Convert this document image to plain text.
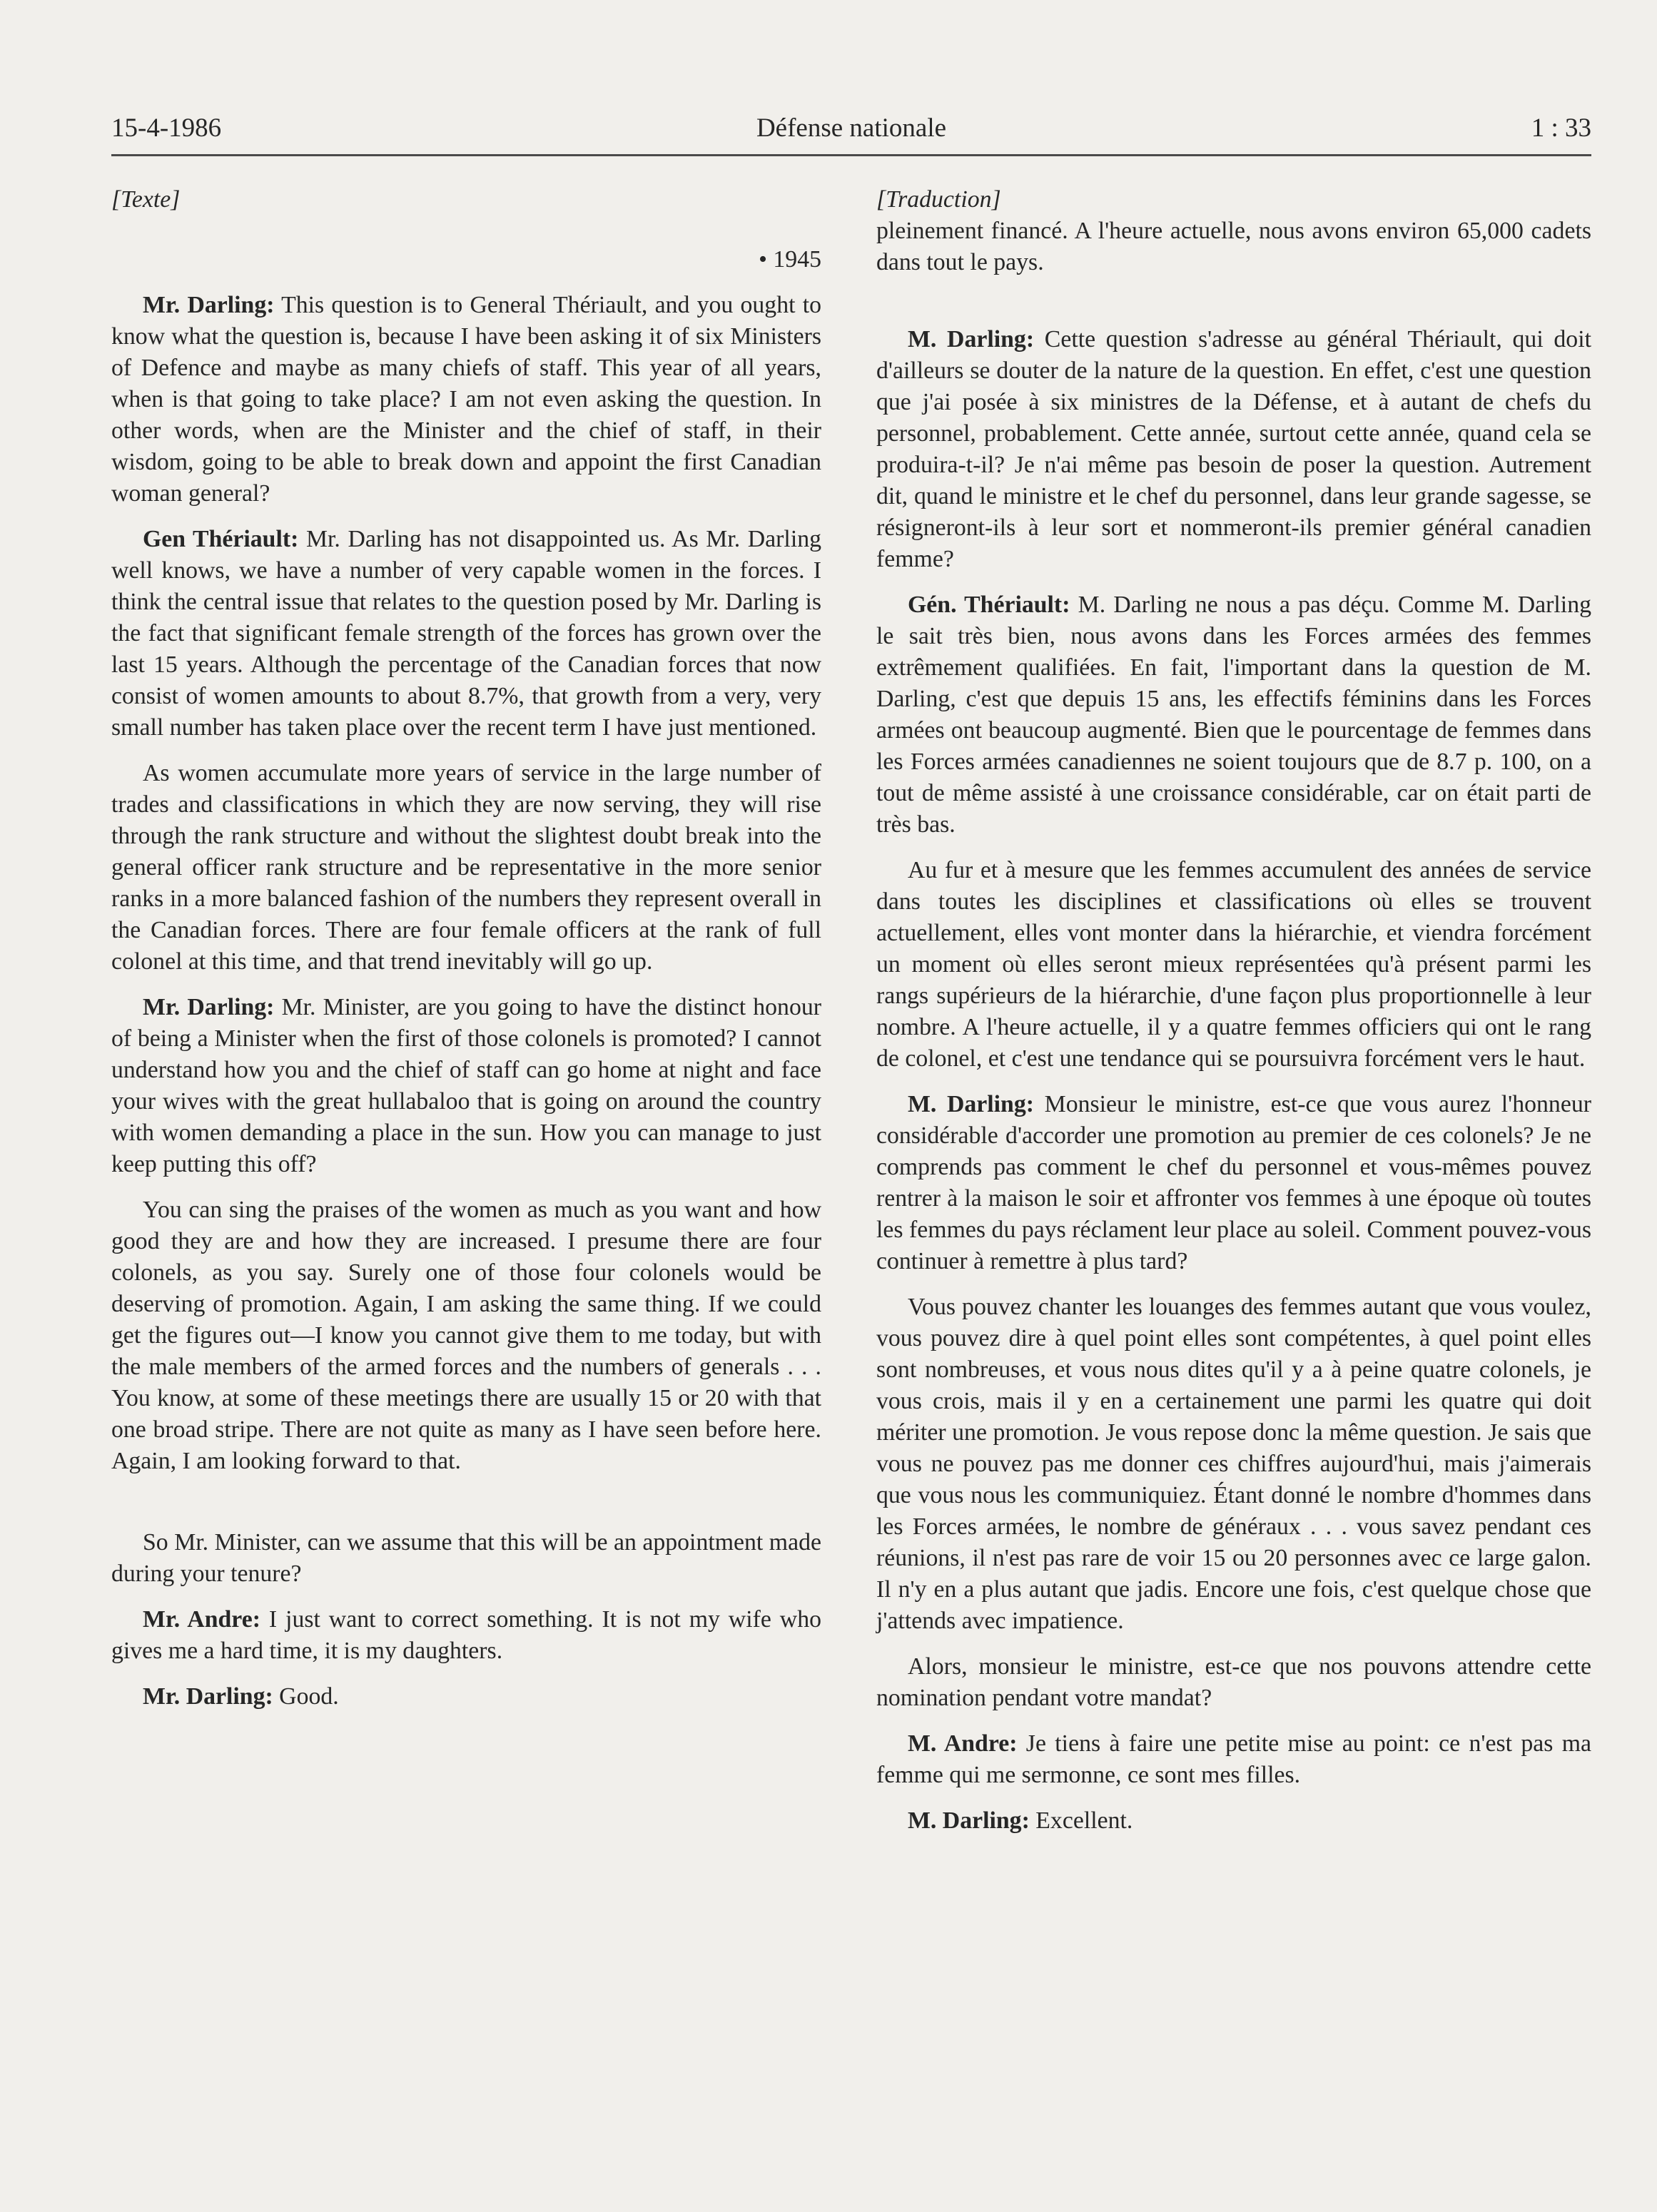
15-4-1986	Défense nationale	1 : 33
[Texte]
• 1945

Mr. Darling: This question is to General Thériault, and you ought to know what the question is, because I have been asking it of six Ministers of Defence and maybe as many chiefs of staff. This year of all years, when is that going to take place? I am not even asking the question. In other words, when are the Minister and the chief of staff, in their wisdom, going to be able to break down and appoint the first Canadian woman general?

Gen Thériault: Mr. Darling has not disappointed us. As Mr. Darling well knows, we have a number of very capable women in the forces. I think the central issue that relates to the question posed by Mr. Darling is the fact that significant female strength of the forces has grown over the last 15 years. Although the percentage of the Canadian forces that now consist of women amounts to about 8.7%, that growth from a very, very small number has taken place over the recent term I have just mentioned.

As women accumulate more years of service in the large number of trades and classifications in which they are now serving, they will rise through the rank structure and without the slightest doubt break into the general officer rank structure and be representative in the more senior ranks in a more balanced fashion of the numbers they represent overall in the Canadian forces. There are four female officers at the rank of full colonel at this time, and that trend inevitably will go up.

Mr. Darling: Mr. Minister, are you going to have the distinct honour of being a Minister when the first of those colonels is promoted? I cannot understand how you and the chief of staff can go home at night and face your wives with the great hullabaloo that is going on around the country with women demanding a place in the sun. How you can manage to just keep putting this off?

You can sing the praises of the women as much as you want and how good they are and how they are increased. I presume there are four colonels, as you say. Surely one of those four colonels would be deserving of promotion. Again, I am asking the same thing. If we could get the figures out—I know you cannot give them to me today, but with the male members of the armed forces and the numbers of generals . . . You know, at some of these meetings there are usually 15 or 20 with that one broad stripe. There are not quite as many as I have seen before here. Again, I am looking forward to that.

So Mr. Minister, can we assume that this will be an appointment made during your tenure?

Mr. Andre: I just want to correct something. It is not my wife who gives me a hard time, it is my daughters.

Mr. Darling: Good.

[Traduction]

pleinement financé. A l'heure actuelle, nous avons environ 65,000 cadets dans tout le pays.

M. Darling: Cette question s'adresse au général Thériault, qui doit d'ailleurs se douter de la nature de la question. En effet, c'est une question que j'ai posée à six ministres de la Défense, et à autant de chefs du personnel, probablement. Cette année, surtout cette année, quand cela se produira-t-il? Je n'ai même pas besoin de poser la question. Autrement dit, quand le ministre et le chef du personnel, dans leur grande sagesse, se résigneront-ils à leur sort et nommeront-ils premier général canadien femme?

Gén. Thériault: M. Darling ne nous a pas déçu. Comme M. Darling le sait très bien, nous avons dans les Forces armées des femmes extrêmement qualifiées. En fait, l'important dans la question de M. Darling, c'est que depuis 15 ans, les effectifs féminins dans les Forces armées ont beaucoup augmenté. Bien que le pourcentage de femmes dans les Forces armées canadiennes ne soient toujours que de 8.7 p. 100, on a tout de même assisté à une croissance considérable, car on était parti de très bas.

Au fur et à mesure que les femmes accumulent des années de service dans toutes les disciplines et classifications où elles se trouvent actuellement, elles vont monter dans la hiérarchie, et viendra forcément un moment où elles seront mieux représentées qu'à présent parmi les rangs supérieurs de la hiérarchie, d'une façon plus proportionnelle à leur nombre. A l'heure actuelle, il y a quatre femmes officiers qui ont le rang de colonel, et c'est une tendance qui se poursuivra forcément vers le haut.

M. Darling: Monsieur le ministre, est-ce que vous aurez l'honneur considérable d'accorder une promotion au premier de ces colonels? Je ne comprends pas comment le chef du personnel et vous-mêmes pouvez rentrer à la maison le soir et affronter vos femmes à une époque où toutes les femmes du pays réclament leur place au soleil. Comment pouvez-vous continuer à remettre à plus tard?

Vous pouvez chanter les louanges des femmes autant que vous voulez, vous pouvez dire à quel point elles sont compétentes, à quel point elles sont nombreuses, et vous nous dites qu'il y a à peine quatre colonels, je vous crois, mais il y en a certainement une parmi les quatre qui doit mériter une promotion. Je vous repose donc la même question. Je sais que vous ne pouvez pas me donner ces chiffres aujourd'hui, mais j'aimerais que vous nous les communiquiez. Étant donné le nombre d'hommes dans les Forces armées, le nombre de généraux . . . vous savez pendant ces réunions, il n'est pas rare de voir 15 ou 20 personnes avec ce large galon. Il n'y en a plus autant que jadis. Encore une fois, c'est quelque chose que j'attends avec impatience.

Alors, monsieur le ministre, est-ce que nos pouvons attendre cette nomination pendant votre mandat?

M. Andre: Je tiens à faire une petite mise au point: ce n'est pas ma femme qui me sermonne, ce sont mes filles.

M. Darling: Excellent.
